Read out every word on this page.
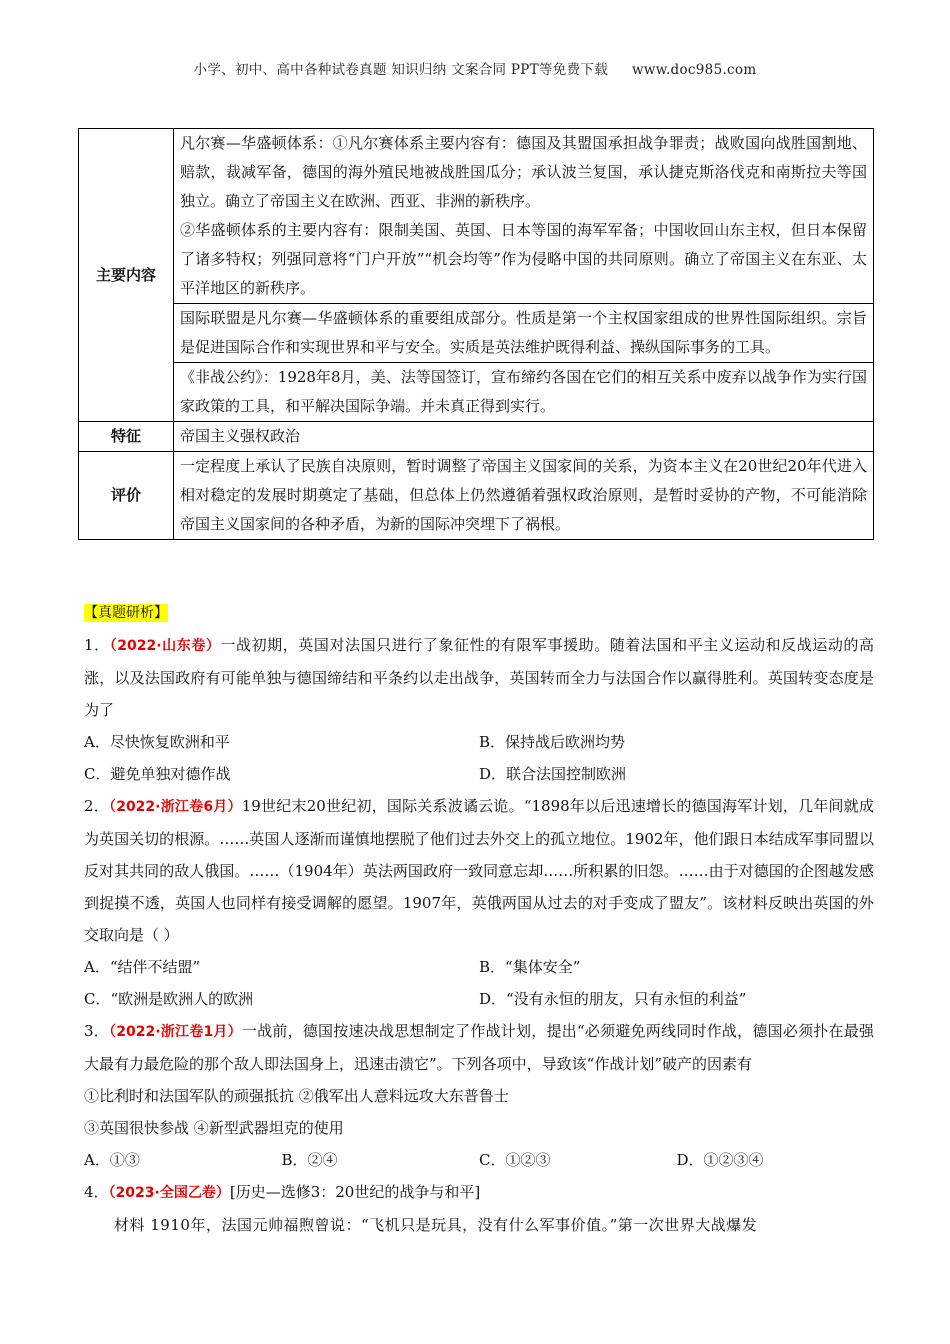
小学、初中、高中各种试卷真题 知识归纳 文案合同 PPT等免费下载 www.doc985.com
主要内容	凡尔赛—华盛顿体系：①凡尔赛体系主要内容有：德国及其盟国承担战争罪责；战败国向战胜国割地、赔款，裁减军备，德国的海外殖民地被战胜国瓜分；承认波兰复国，承认捷克斯洛伐克和南斯拉夫等国独立。确立了帝国主义在欧洲、西亚、非洲的新秩序。

②华盛顿体系的主要内容有：限制美国、英国、日本等国的海军军备；中国收回山东主权，但日本保留了诸多特权；列强同意将“门户开放”“机会均等”作为侵略中国的共同原则。确立了帝国主义在东亚、太平洋地区的新秩序。

	国际联盟是凡尔赛—华盛顿体系的重要组成部分。性质是第一个主权国家组成的世界性国际组织。宗旨是促进国际合作和实现世界和平与安全。实质是英法维护既得利益、操纵国际事务的工具。

	《非战公约》：1928年8月，美、法等国签订，宣布缔约各国在它们的相互关系中废弃以战争作为实行国家政策的工具，和平解决国际争端。并未真正得到实行。

特征	帝国主义强权政治

评价	一定程度上承认了民族自决原则，暂时调整了帝国主义国家间的关系，为资本主义在20世纪20年代进入相对稳定的发展时期奠定了基础，但总体上仍然遵循着强权政治原则，是暂时妥协的产物，不可能消除帝国主义国家间的各种矛盾，为新的国际冲突埋下了祸根。

【真题研析】

1．（2022·山东卷）一战初期，英国对法国只进行了象征性的有限军事援助。随着法国和平主义运动和反战运动的高涨，以及法国政府有可能单独与德国缔结和平条约以走出战争，英国转而全力与法国合作以赢得胜利。英国转变态度是为了

A．尽快恢复欧洲和平	B．保持战后欧洲均势
C．避免单独对德作战	D．联合法国控制欧洲

2．（2022·浙江卷6月）19世纪末20世纪初，国际关系波谲云诡。“1898年以后迅速增长的德国海军计划，几年间就成为英国关切的根源。……英国人逐渐而谨慎地摆脱了他们过去外交上的孤立地位。1902年，他们跟日本结成军事同盟以反对其共同的敌人俄国。……（1904年）英法两国政府一致同意忘却……所积累的旧怨。……由于对德国的企图越发感到捉摸不透，英国人也同样有接受调解的愿望。1907年，英俄两国从过去的对手变成了盟友”。该材料反映出英国的外交取向是（ ）

A．“结伴不结盟”	B．“集体安全”
C．“欧洲是欧洲人的欧洲	D．“没有永恒的朋友，只有永恒的利益”

3．（2022·浙江卷1月）一战前，德国按速决战思想制定了作战计划，提出“必须避免两线同时作战，德国必须扑在最强大最有力最危险的那个敌人即法国身上，迅速击溃它”。下列各项中，导致该“作战计划”破产的因素有

①比利时和法国军队的顽强抵抗 ②俄军出人意料远攻大东普鲁士

③英国很快参战 ④新型武器坦克的使用

A．①③	B．②④	C．①②③	D．①②③④

4．（2023·全国乙卷）[历史—选修3：20世纪的战争与和平]

材料 1910年，法国元帅福煦曾说：“飞机只是玩具，没有什么军事价值。”第一次世界大战爆发
